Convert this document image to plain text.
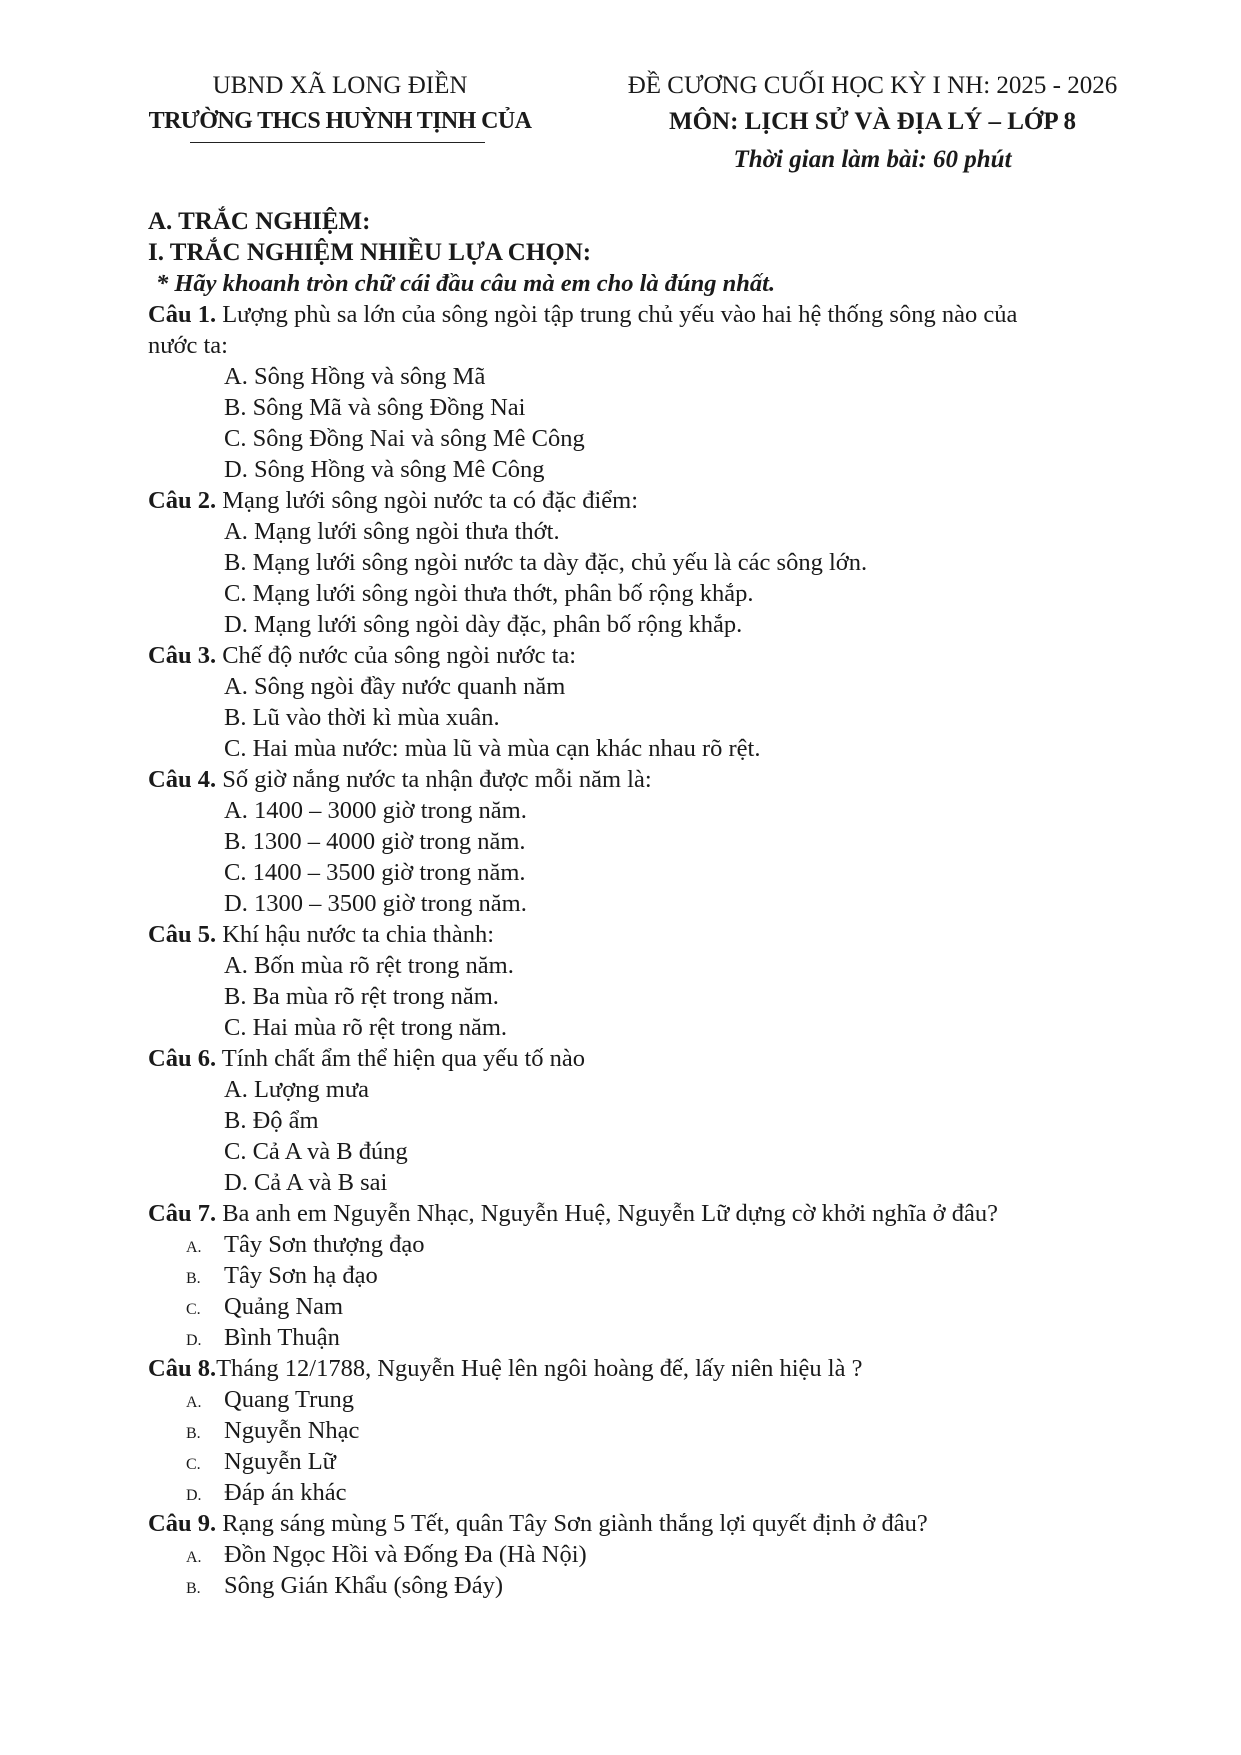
UBND XÃ LONG ĐIỀN
TRƯỜNG THCS HUỲNH TỊNH CỦA
ĐỀ CƯƠNG CUỐI HỌC KỲ I NH: 2025 - 2026
MÔN: LỊCH SỬ VÀ ĐỊA LÝ – LỚP 8
Thời gian làm bài: 60 phút
A. TRẮC NGHIỆM:
I. TRẮC NGHIỆM NHIỀU LỰA CHỌN:
* Hãy khoanh tròn chữ cái đầu câu mà em cho là đúng nhất.
Câu 1. Lượng phù sa lớn của sông ngòi tập trung chủ yếu vào hai hệ thống sông nào của
nước ta:
A. Sông Hồng và sông Mã
B. Sông Mã và sông Đồng Nai
C. Sông Đồng Nai và sông Mê Công
D. Sông Hồng và sông Mê Công
Câu 2. Mạng lưới sông ngòi nước ta có đặc điểm:
A. Mạng lưới sông ngòi thưa thớt.
B. Mạng lưới sông ngòi nước ta dày đặc, chủ yếu là các sông lớn.
C. Mạng lưới sông ngòi thưa thớt, phân bố rộng khắp.
D. Mạng lưới sông ngòi dày đặc, phân bố rộng khắp.
Câu 3. Chế độ nước của sông ngòi nước ta:
A. Sông ngòi đầy nước quanh năm
B. Lũ vào thời kì mùa xuân.
C. Hai mùa nước: mùa lũ và mùa cạn khác nhau rõ rệt.
Câu 4. Số giờ nắng nước ta nhận được mỗi năm là:
A. 1400 – 3000 giờ trong năm.
B. 1300 – 4000 giờ trong năm.
C. 1400 – 3500 giờ trong năm.
D. 1300 – 3500 giờ trong năm.
Câu 5. Khí hậu nước ta chia thành:
A. Bốn mùa rõ rệt trong năm.
B. Ba mùa rõ rệt trong năm.
C. Hai mùa rõ rệt trong năm.
Câu 6. Tính chất ẩm thể hiện qua yếu tố nào
A. Lượng mưa
B. Độ ẩm
C. Cả A và B đúng
D. Cả A và B sai
Câu 7. Ba anh em Nguyễn Nhạc, Nguyễn Huệ, Nguyễn Lữ dựng cờ khởi nghĩa ở đâu?
A. Tây Sơn thượng đạo
B. Tây Sơn hạ đạo
C. Quảng Nam
D. Bình Thuận
Câu 8.Tháng 12/1788, Nguyễn Huệ lên ngôi hoàng đế, lấy niên hiệu là ?
A. Quang Trung
B. Nguyễn Nhạc
C. Nguyễn Lữ
D. Đáp án khác
Câu 9. Rạng sáng mùng 5 Tết, quân Tây Sơn giành thắng lợi quyết định ở đâu?
A. Đồn Ngọc Hồi và Đống Đa (Hà Nội)
B. Sông Gián Khẩu (sông Đáy)
